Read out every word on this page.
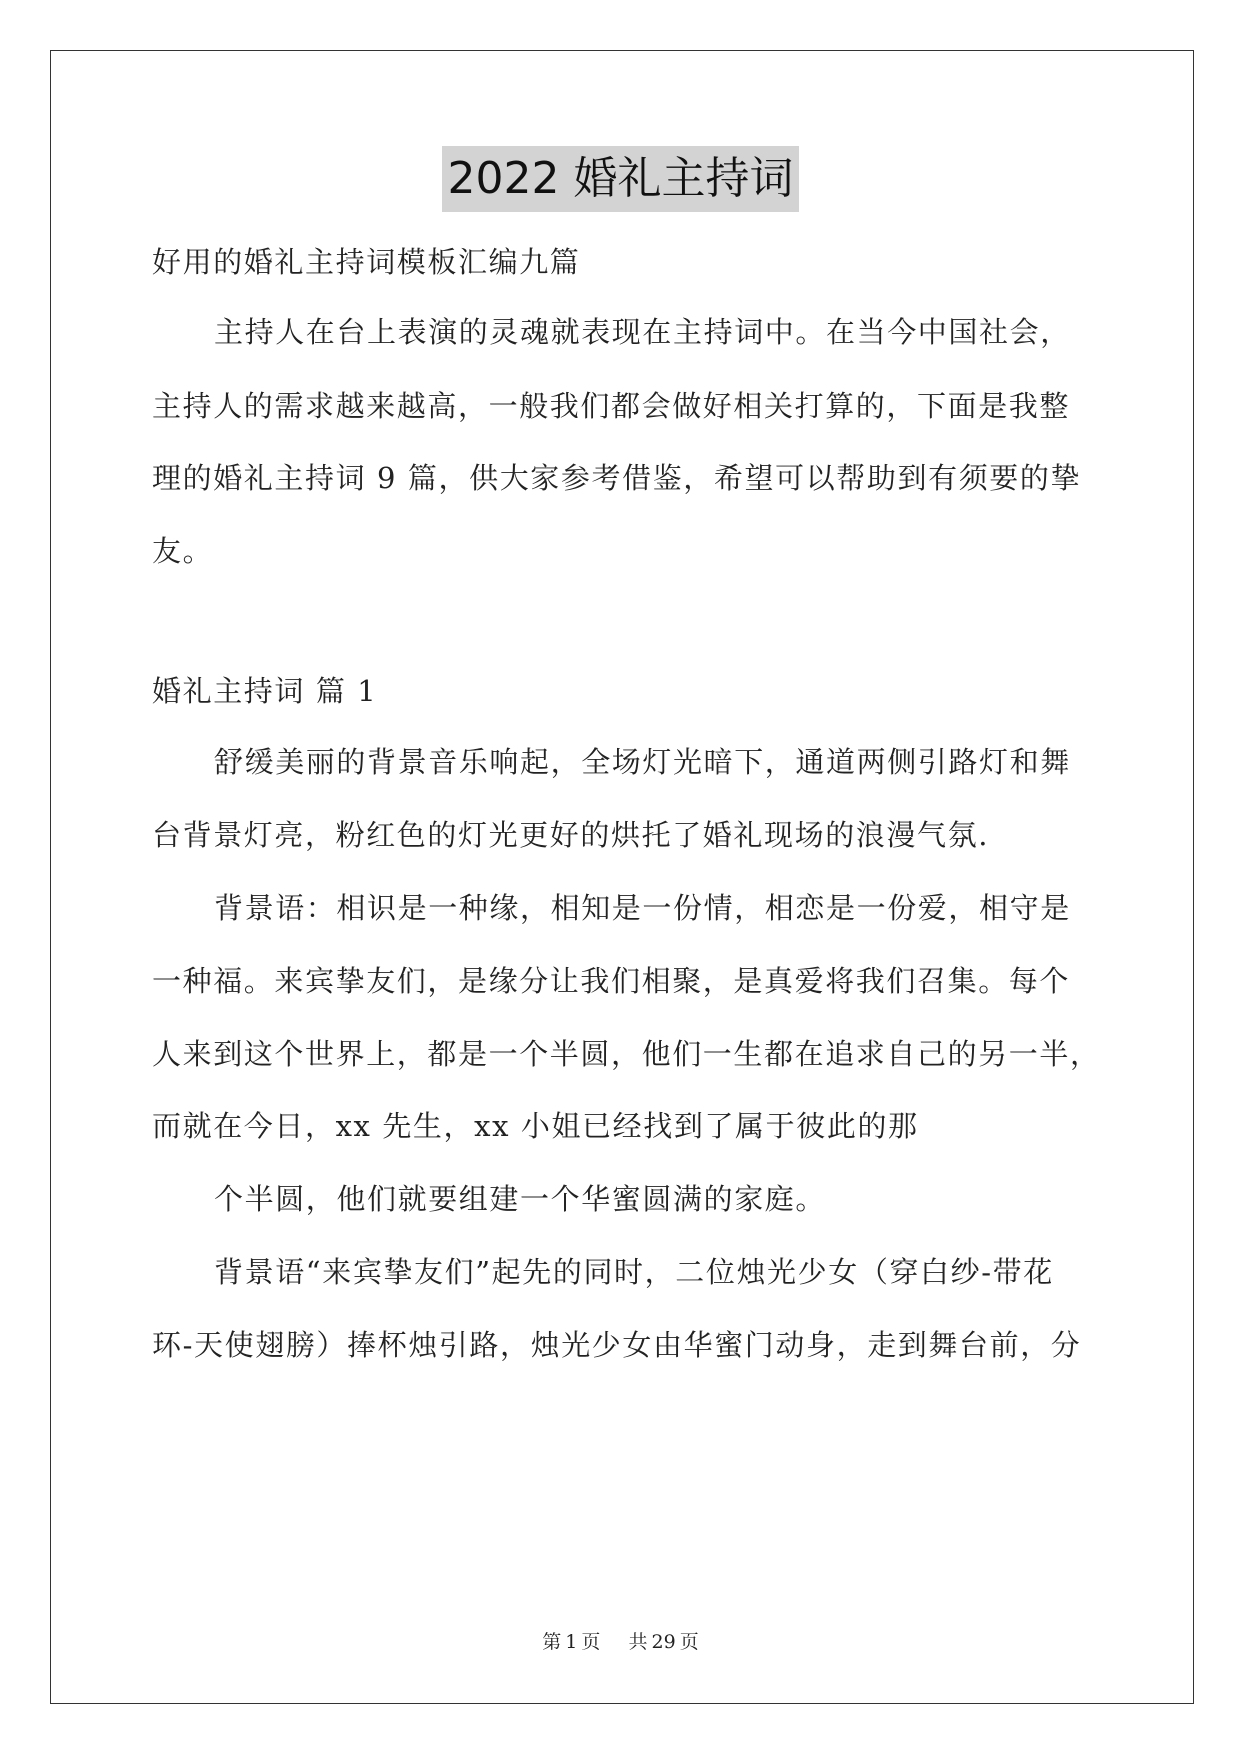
2022 婚礼主持词
好用的婚礼主持词模板汇编九篇
主持人在台上表演的灵魂就表现在主持词中。在当今中国社会，
主持人的需求越来越高，一般我们都会做好相关打算的，下面是我整
理的婚礼主持词 9 篇，供大家参考借鉴，希望可以帮助到有须要的挚
友。
婚礼主持词 篇 1
舒缓美丽的背景音乐响起，全场灯光暗下，通道两侧引路灯和舞
台背景灯亮，粉红色的灯光更好的烘托了婚礼现场的浪漫气氛.
背景语：相识是一种缘，相知是一份情，相恋是一份爱，相守是
一种福。来宾挚友们，是缘分让我们相聚，是真爱将我们召集。每个
人来到这个世界上，都是一个半圆，他们一生都在追求自己的另一半，
而就在今日，xx 先生，xx 小姐已经找到了属于彼此的那
个半圆，他们就要组建一个华蜜圆满的家庭。
背景语“来宾挚友们”起先的同时，二位烛光少女（穿白纱-带花
环-天使翅膀）捧杯烛引路，烛光少女由华蜜门动身，走到舞台前，分
第 1 页 共 29 页
